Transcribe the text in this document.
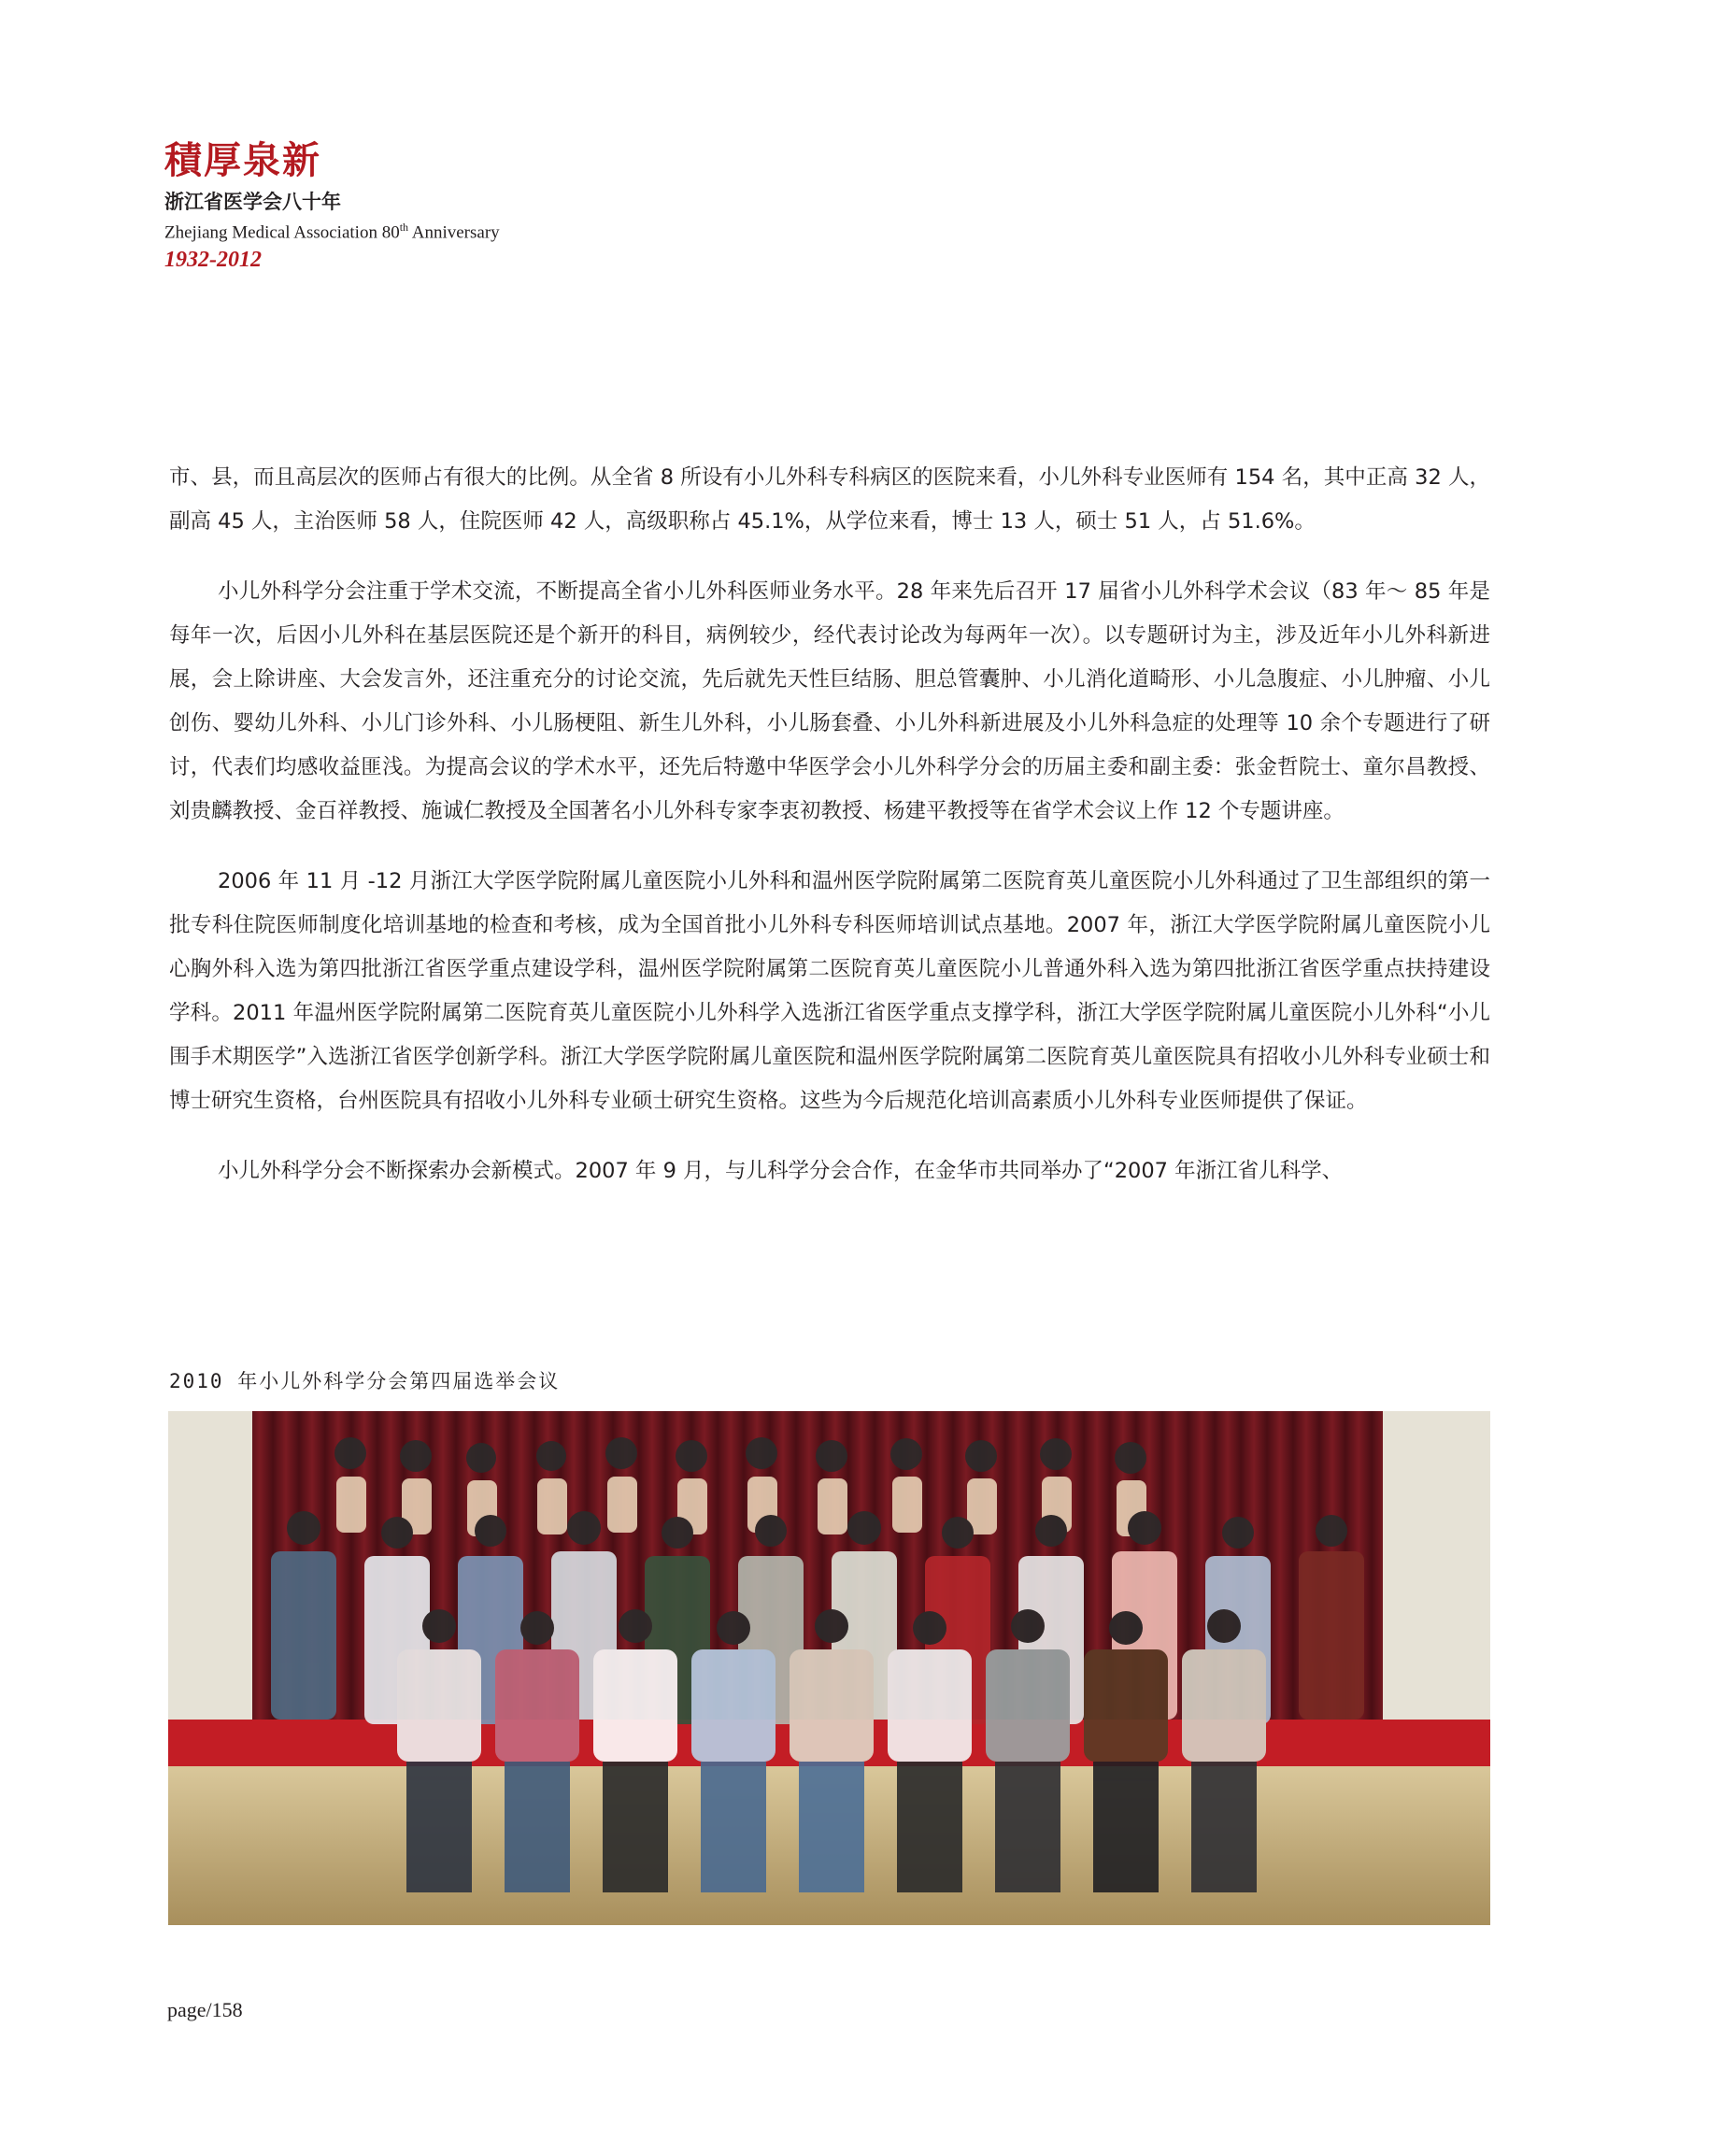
積厚泉新
浙江省医学会八十年
Zhejiang Medical Association 80th Anniversary
1932-2012

市、县，而且高层次的医师占有很大的比例。从全省 8 所设有小儿外科专科病区的医院来看，小儿外科专业医师有 154 名，其中正高 32 人，副高 45 人，主治医师 58 人，住院医师 42 人，高级职称占 45.1%，从学位来看，博士 13 人，硕士 51 人，占 51.6%。

小儿外科学分会注重于学术交流，不断提高全省小儿外科医师业务水平。28 年来先后召开 17 届省小儿外科学术会议（83 年～ 85 年是每年一次，后因小儿外科在基层医院还是个新开的科目，病例较少，经代表讨论改为每两年一次）。以专题研讨为主，涉及近年小儿外科新进展，会上除讲座、大会发言外，还注重充分的讨论交流，先后就先天性巨结肠、胆总管囊肿、小儿消化道畸形、小儿急腹症、小儿肿瘤、小儿创伤、婴幼儿外科、小儿门诊外科、小儿肠梗阻、新生儿外科，小儿肠套叠、小儿外科新进展及小儿外科急症的处理等 10 余个专题进行了研讨，代表们均感收益匪浅。为提高会议的学术水平，还先后特邀中华医学会小儿外科学分会的历届主委和副主委：张金哲院士、童尔昌教授、刘贵麟教授、金百祥教授、施诚仁教授及全国著名小儿外科专家李衷初教授、杨建平教授等在省学术会议上作 12 个专题讲座。

2006 年 11 月 -12 月浙江大学医学院附属儿童医院小儿外科和温州医学院附属第二医院育英儿童医院小儿外科通过了卫生部组织的第一批专科住院医师制度化培训基地的检查和考核，成为全国首批小儿外科专科医师培训试点基地。2007 年，浙江大学医学院附属儿童医院小儿心胸外科入选为第四批浙江省医学重点建设学科，温州医学院附属第二医院育英儿童医院小儿普通外科入选为第四批浙江省医学重点扶持建设学科。2011 年温州医学院附属第二医院育英儿童医院小儿外科学入选浙江省医学重点支撑学科，浙江大学医学院附属儿童医院小儿外科“小儿围手术期医学”入选浙江省医学创新学科。浙江大学医学院附属儿童医院和温州医学院附属第二医院育英儿童医院具有招收小儿外科专业硕士和博士研究生资格，台州医院具有招收小儿外科专业硕士研究生资格。这些为今后规范化培训高素质小儿外科专业医师提供了保证。

小儿外科学分会不断探索办会新模式。2007 年 9 月，与儿科学分会合作，在金华市共同举办了“2007 年浙江省儿科学、

2010 年小儿外科学分会第四届选举会议
page/158
